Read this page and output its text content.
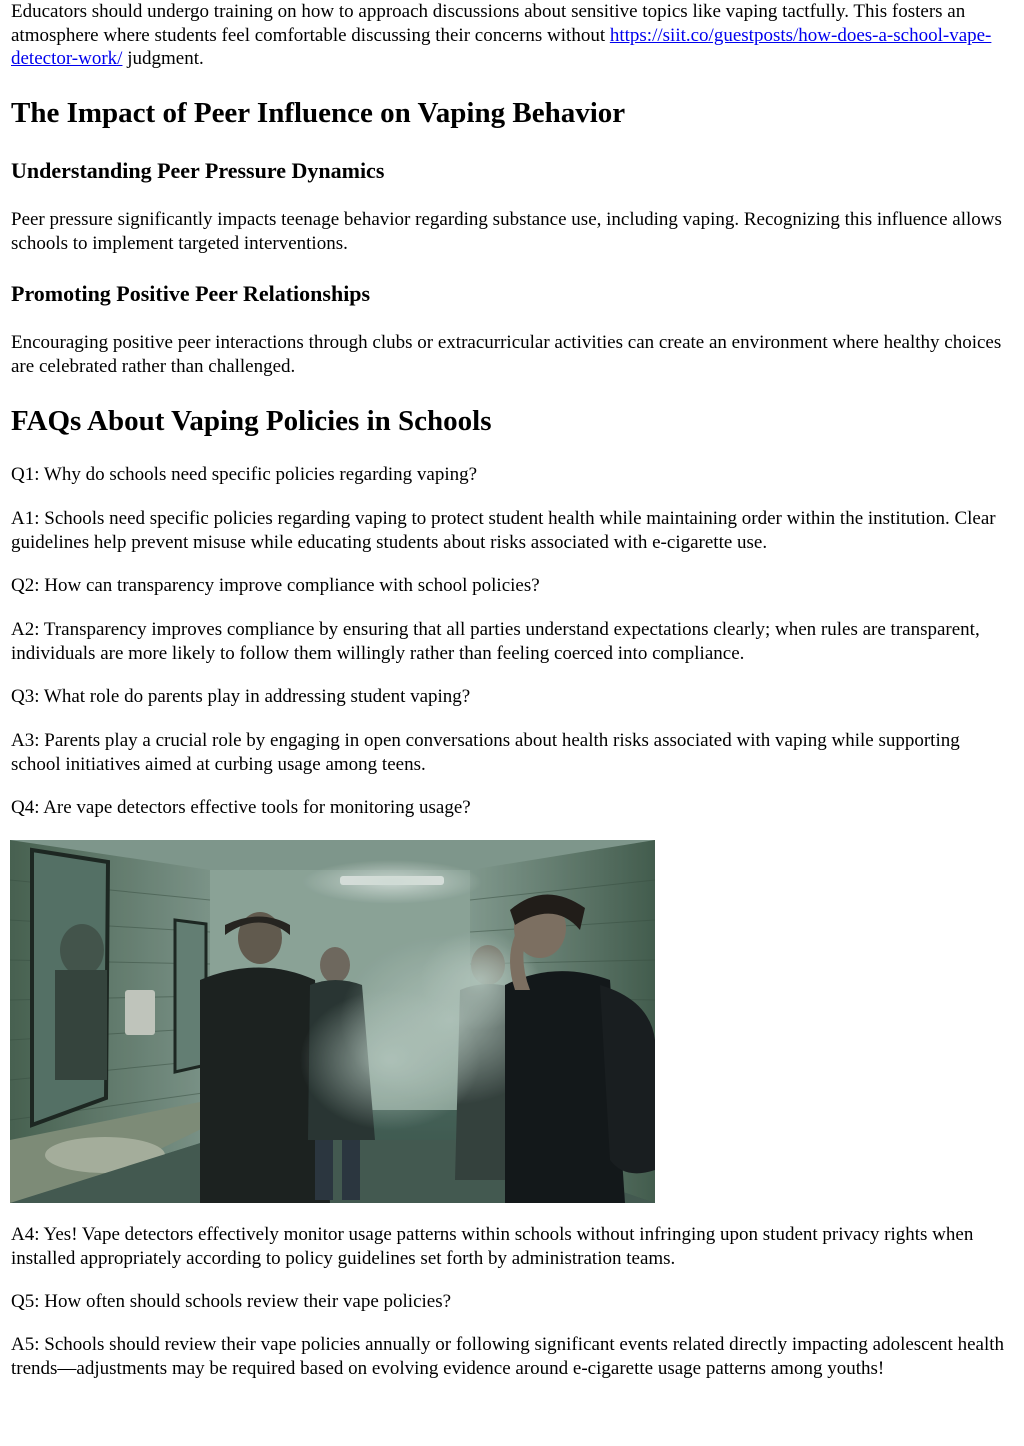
Educators should undergo training on how to approach discussions about sensitive topics like vaping tactfully. This fosters an atmosphere where students feel comfortable discussing their concerns without https://siit.co/guestposts/how-does-a-school-vape-detector-work/ judgment.

The Impact of Peer Influence on Vaping Behavior
Understanding Peer Pressure Dynamics

Peer pressure significantly impacts teenage behavior regarding substance use, including vaping. Recognizing this influence allows schools to implement targeted interventions.

Promoting Positive Peer Relationships

Encouraging positive peer interactions through clubs or extracurricular activities can create an environment where healthy choices are celebrated rather than challenged.

FAQs About Vaping Policies in Schools

Q1: Why do schools need specific policies regarding vaping?

A1: Schools need specific policies regarding vaping to protect student health while maintaining order within the institution. Clear guidelines help prevent misuse while educating students about risks associated with e-cigarette use.

Q2: How can transparency improve compliance with school policies?

A2: Transparency improves compliance by ensuring that all parties understand expectations clearly; when rules are transparent, individuals are more likely to follow them willingly rather than feeling coerced into compliance.

Q3: What role do parents play in addressing student vaping?

A3: Parents play a crucial role by engaging in open conversations about health risks associated with vaping while supporting school initiatives aimed at curbing usage among teens.

Q4: Are vape detectors effective tools for monitoring usage?

A4: Yes! Vape detectors effectively monitor usage patterns within schools without infringing upon student privacy rights when installed appropriately according to policy guidelines set forth by administration teams.

Q5: How often should schools review their vape policies?

A5: Schools should review their vape policies annually or following significant events related directly impacting adolescent health trends—adjustments may be required based on evolving evidence around e-cigarette usage patterns among youths!
